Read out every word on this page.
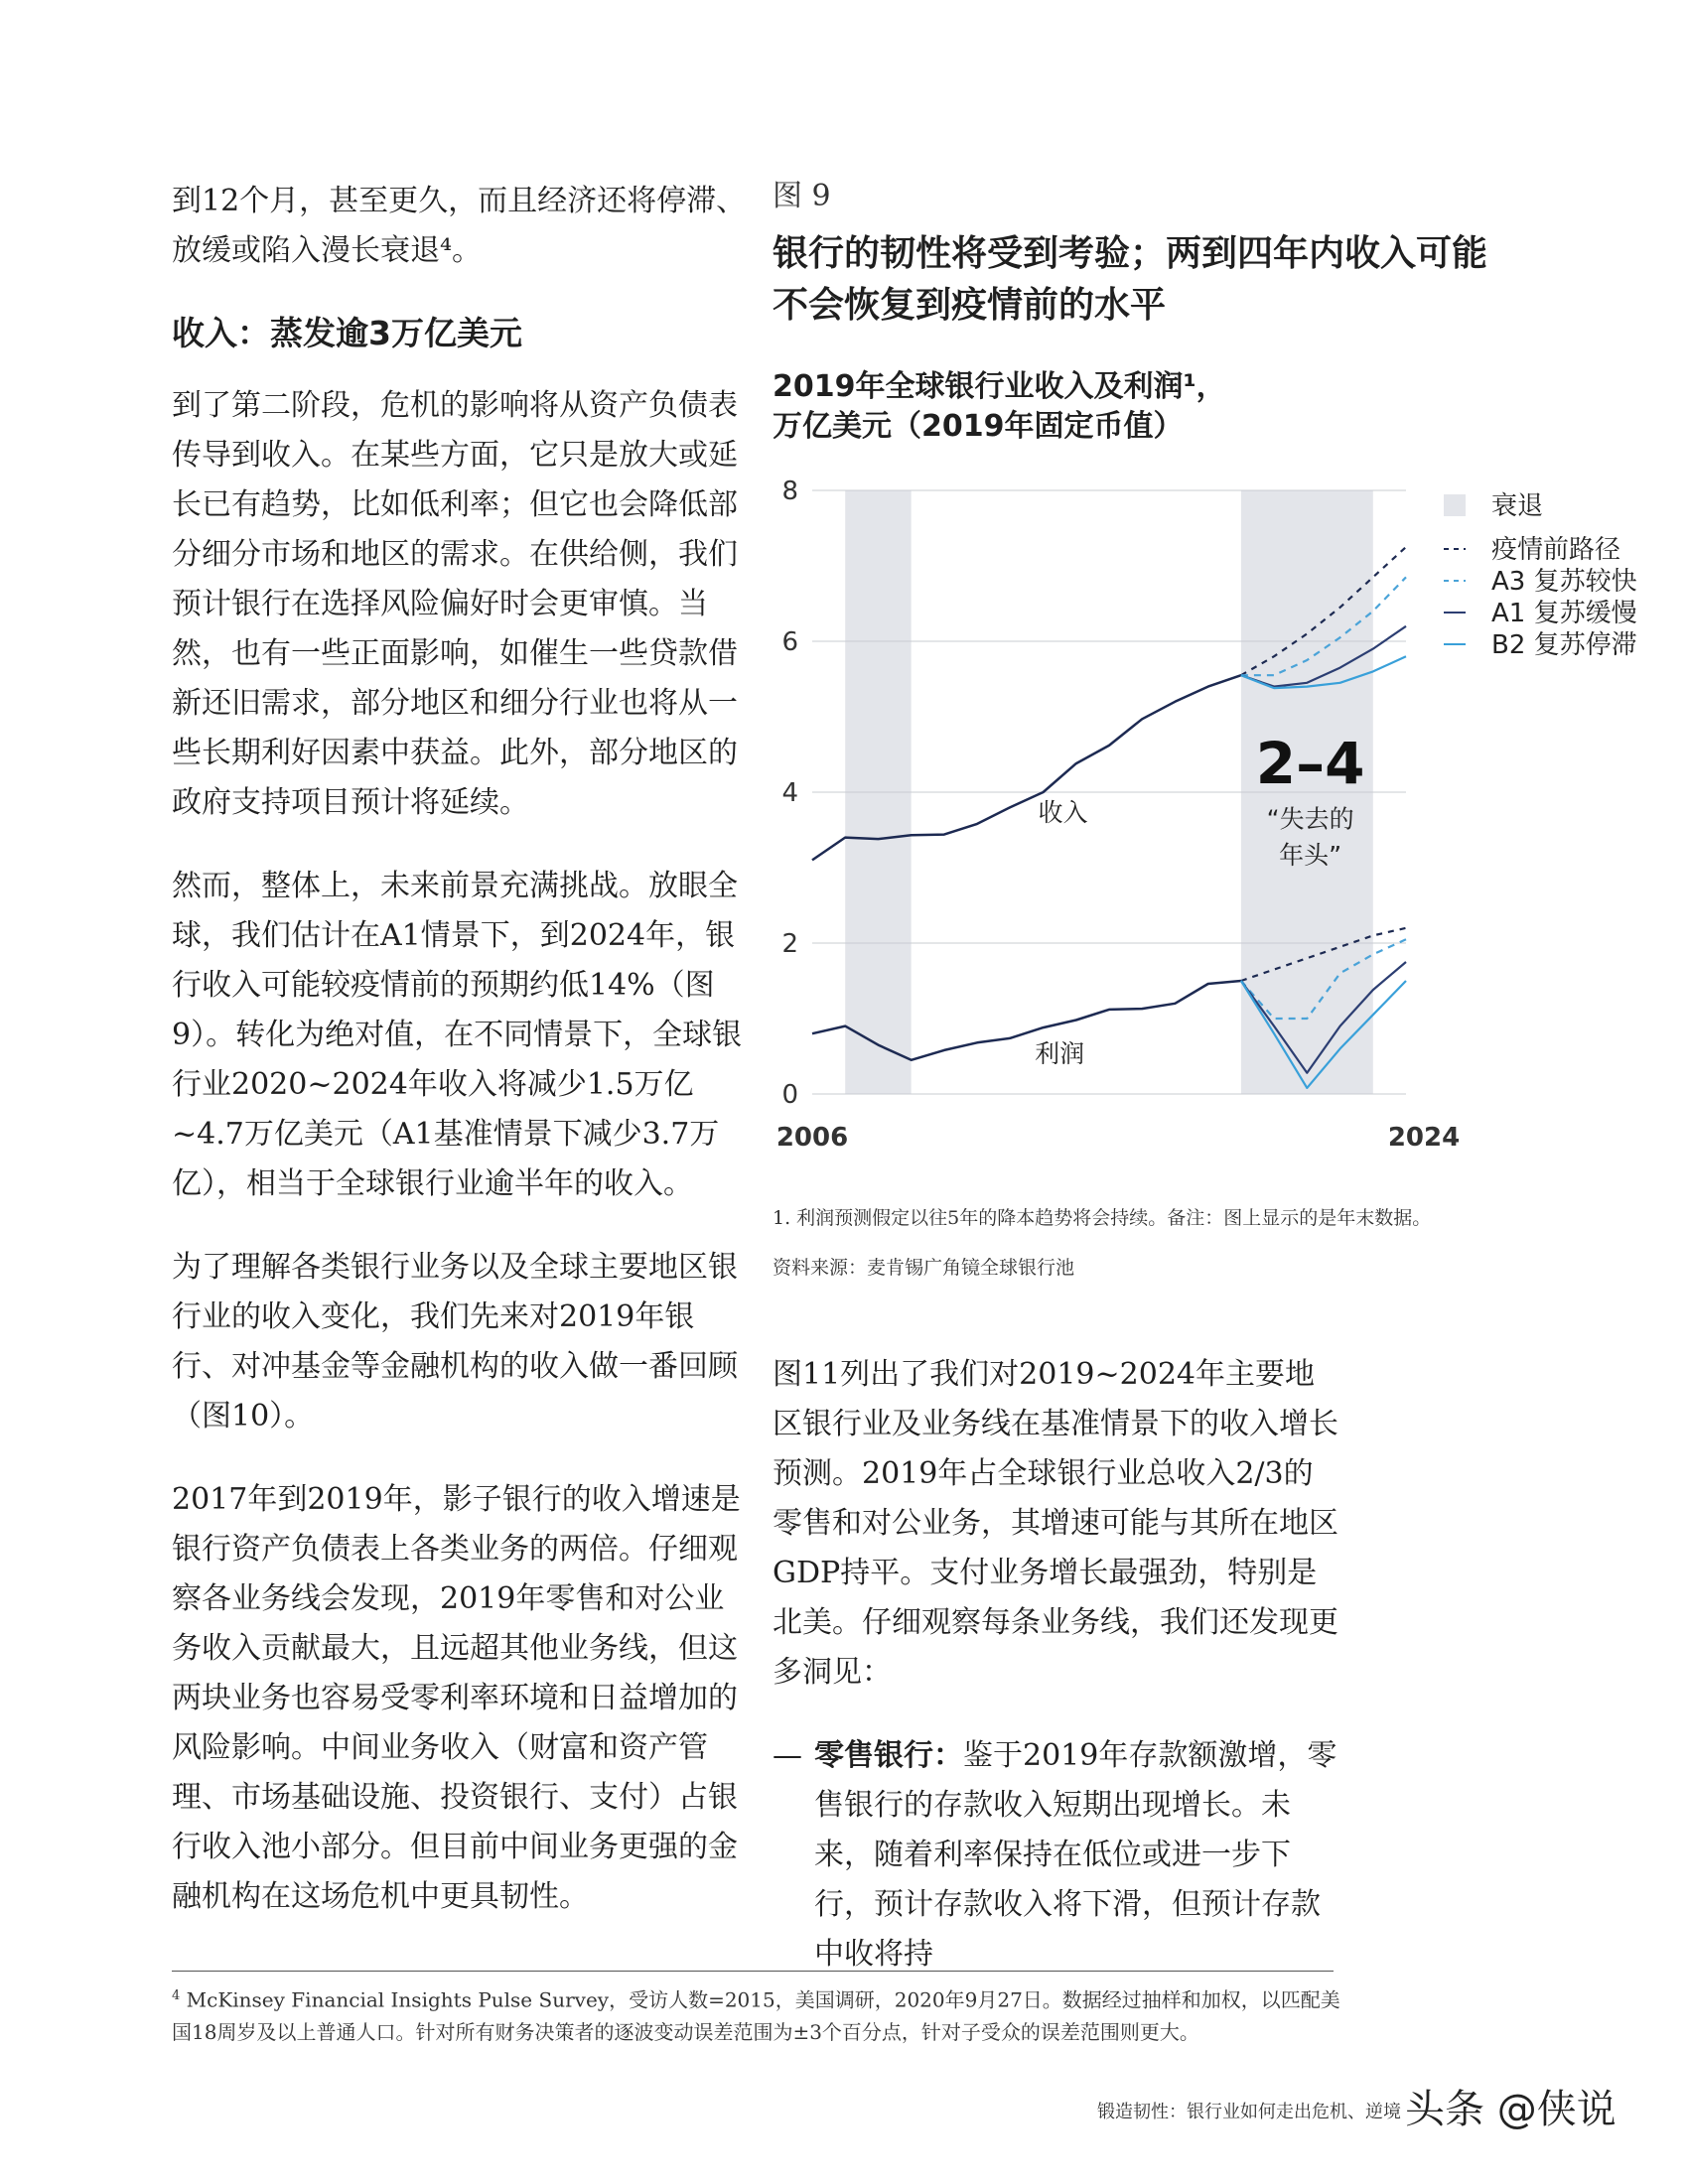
到12个月，甚至更久，而且经济还将停滞、放缓或陷入漫长衰退⁴。

收入：蒸发逾3万亿美元

到了第二阶段，危机的影响将从资产负债表传导到收入。在某些方面，它只是放大或延长已有趋势，比如低利率；但它也会降低部分细分市场和地区的需求。在供给侧，我们预计银行在选择风险偏好时会更审慎。当然，也有一些正面影响，如催生一些贷款借新还旧需求，部分地区和细分行业也将从一些长期利好因素中获益。此外，部分地区的政府支持项目预计将延续。

然而，整体上，未来前景充满挑战。放眼全球，我们估计在A1情景下，到2024年，银行收入可能较疫情前的预期约低14%（图9）。转化为绝对值，在不同情景下，全球银行业2020~2024年收入将减少1.5万亿~4.7万亿美元（A1基准情景下减少3.7万亿），相当于全球银行业逾半年的收入。

为了理解各类银行业务以及全球主要地区银行业的收入变化，我们先来对2019年银行、对冲基金等金融机构的收入做一番回顾（图10）。

2017年到2019年，影子银行的收入增速是银行资产负债表上各类业务的两倍。仔细观察各业务线会发现，2019年零售和对公业务收入贡献最大，且远超其他业务线，但这两块业务也容易受零利率环境和日益增加的风险影响。中间业务收入（财富和资产管理、市场基础设施、投资银行、支付）占银行收入池小部分。但目前中间业务更强的金融机构在这场危机中更具韧性。

图 9
银行的韧性将受到考验；两到四年内收入可能
不会恢复到疫情前的水平
2019年全球银行业收入及利润¹，
万亿美元（2019年固定币值）
0
2
4
6
8
2006	2024
收入
利润
2–4
“失去的
年头”
衰退
疫情前路径
A3 复苏较快
A1 复苏缓慢
B2 复苏停滞
1. 利润预测假定以往5年的降本趋势将会持续。备注：图上显示的是年末数据。
资料来源：麦肯锡广角镜全球银行池

图11列出了我们对2019~2024年主要地区银行业及业务线在基准情景下的收入增长预测。2019年占全球银行业总收入2/3的零售和对公业务，其增速可能与其所在地区GDP持平。支付业务增长最强劲，特别是北美。仔细观察每条业务线，我们还发现更多洞见：

— 零售银行：鉴于2019年存款额激增，零售银行的存款收入短期出现增长。未来，随着利率保持在低位或进一步下行，预计存款收入将下滑，但预计存款中收将持
$^4$ McKinsey Financial Insights Pulse Survey，受访人数=2015，美国调研，2020年9月27日。数据经过抽样和加权，以匹配美国18周岁及以上普通人口。针对所有财务决策者的逐波变动误差范围为±3个百分点，针对子受众的误差范围则更大。
锻造韧性：银行业如何走出危机、逆境 头条 @侠说
